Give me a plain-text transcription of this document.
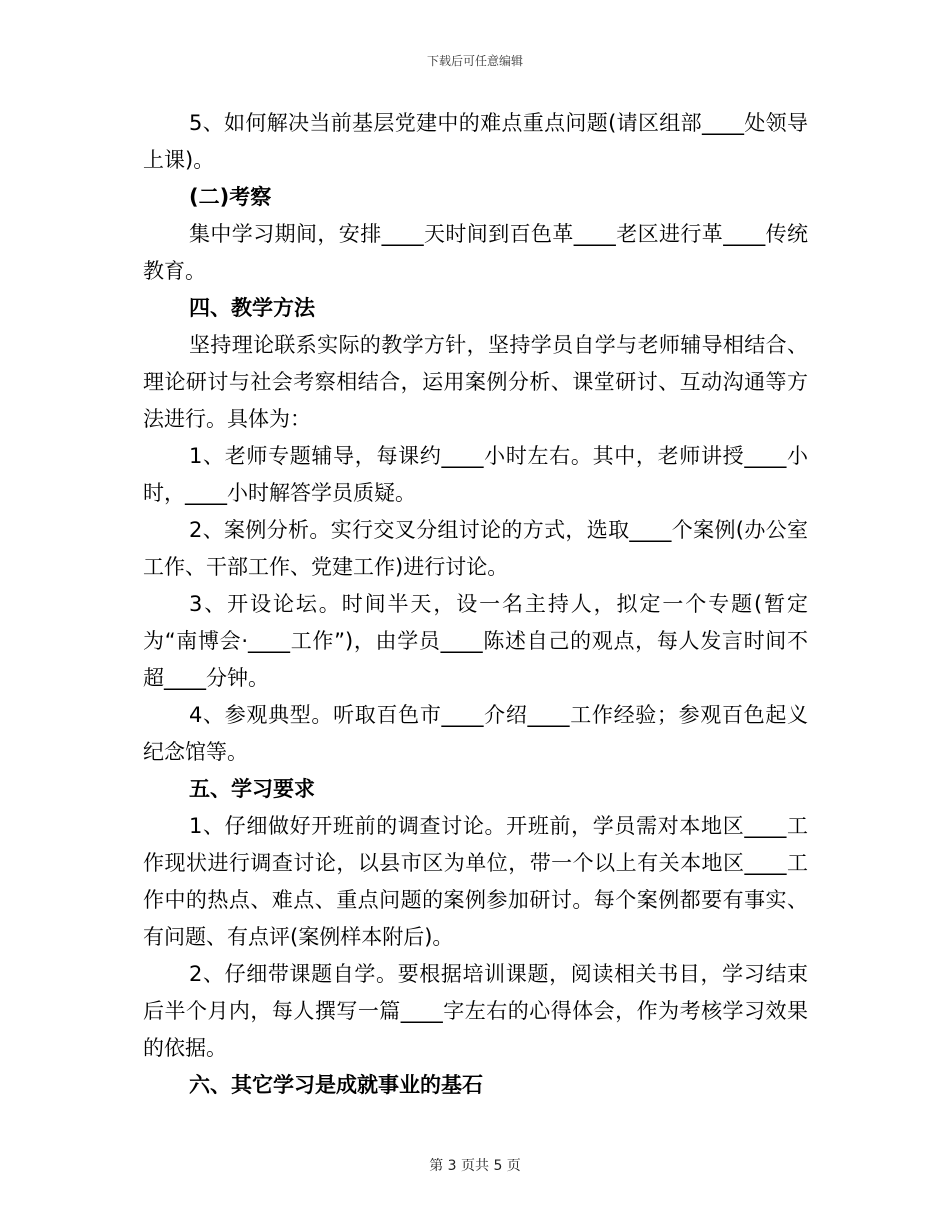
下载后可任意编辑

5、如何解决当前基层党建中的难点重点问题(请区组部____处领导上课)。

(二)考察

集中学习期间，安排____天时间到百色革____老区进行革____传统教育。

四、教学方法

坚持理论联系实际的教学方针，坚持学员自学与老师辅导相结合、理论研讨与社会考察相结合，运用案例分析、课堂研讨、互动沟通等方法进行。具体为：

1、老师专题辅导，每课约____小时左右。其中，老师讲授____小时，____小时解答学员质疑。

2、案例分析。实行交叉分组讨论的方式，选取____个案例(办公室工作、干部工作、党建工作)进行讨论。

3、开设论坛。时间半天，设一名主持人，拟定一个专题(暂定为“南博会·____工作”)，由学员____陈述自己的观点，每人发言时间不超____分钟。

4、参观典型。听取百色市____介绍____工作经验；参观百色起义纪念馆等。

五、学习要求

1、仔细做好开班前的调查讨论。开班前，学员需对本地区____工作现状进行调查讨论，以县市区为单位，带一个以上有关本地区____工作中的热点、难点、重点问题的案例参加研讨。每个案例都要有事实、有问题、有点评(案例样本附后)。

2、仔细带课题自学。要根据培训课题，阅读相关书目，学习结束后半个月内，每人撰写一篇____字左右的心得体会，作为考核学习效果的依据。

六、其它学习是成就事业的基石

第 3 页共 5 页
